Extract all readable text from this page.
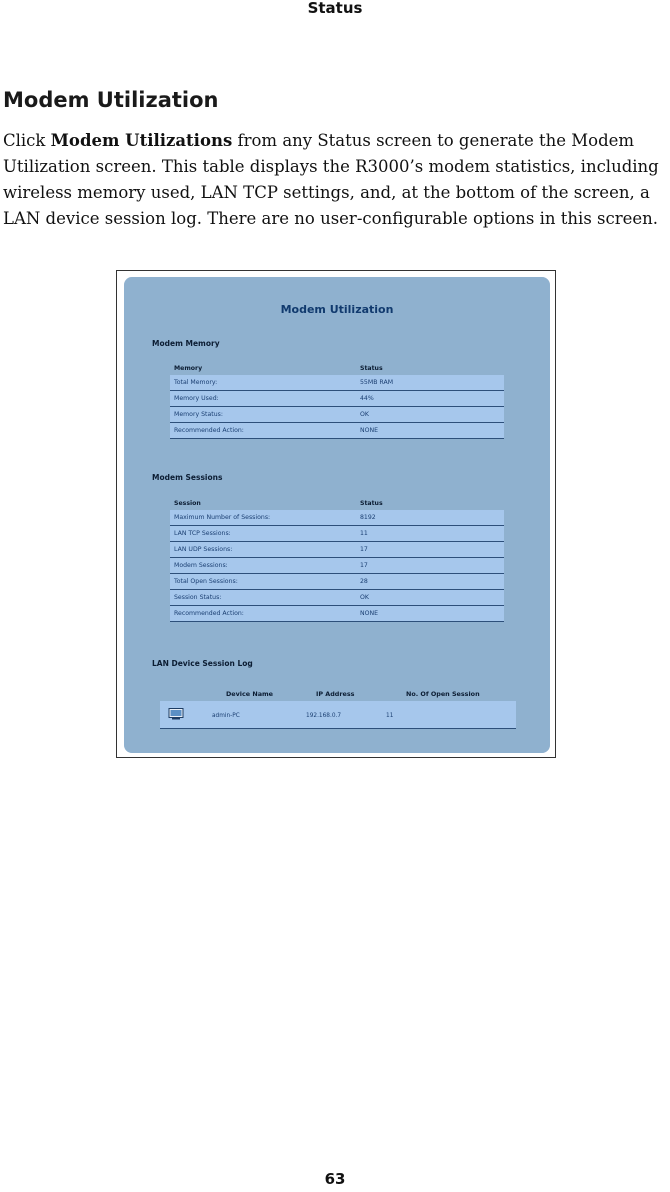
Status
Modem Utilization
Click Modem Utilizations from any Status screen to generate the Modem Utilization screen. This table displays the R3000’s modem statistics, including wireless memory used, LAN TCP settings, and, at the bottom of the screen, a LAN device session log. There are no user-configurable options in this screen.
Modem Utilization
Modem Memory
Memory	Status
Total Memory:	55MB RAM
Memory Used:	44%
Memory Status:	OK
Recommended Action:	NONE
Modem Sessions
Session	Status
Maximum Number of Sessions:	8192
LAN TCP Sessions:	11
LAN UDP Sessions:	17
Modem Sessions:	17
Total Open Sessions:	28
Session Status:	OK
Recommended Action:	NONE
LAN Device Session Log
Device Name	IP Address	No. Of Open Session
admin-PC	192.168.0.7	11
63
